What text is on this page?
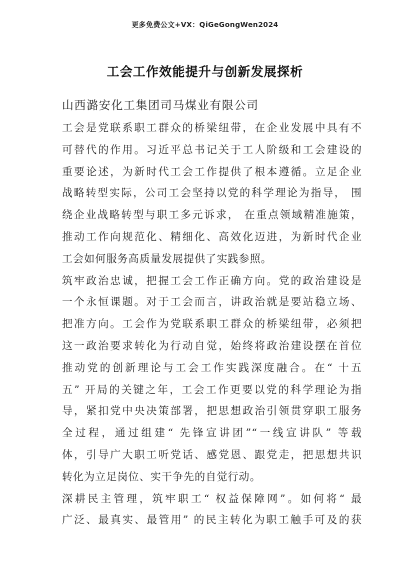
更多免费公文+VX：QiGeGongWen2024
工会工作效能提升与创新发展探析
山西潞安化工集团司马煤业有限公司
工会是党联系职工群众的桥梁纽带，在企业发展中具有不
可替代的作用。习近平总书记关于工人阶级和工会建设的
重要论述，为新时代工会工作提供了根本遵循。立足企业
战略转型实际，公司工会坚持以党的科学理论为指导， 围
绕企业战略转型与职工多元诉求， 在重点领域精准施策，
推动工作向规范化、精细化、高效化迈进，为新时代企业
工会如何服务高质量发展提供了实践参照。
筑牢政治忠诚，把握工会工作正确方向。党的政治建设是
一个永恒课题。对于工会而言，讲政治就是要站稳立场、
把准方向。工会作为党联系职工群众的桥梁纽带，必须把
这一政治要求转化为行动自觉，始终将政治建设摆在首位
推动党的创新理论与工会工作实践深度融合。在“ 十五
五” 开局的关键之年，工会工作更要以党的科学理论为指
导，紧扣党中央决策部署，把思想政治引领贯穿职工服务
全过程，通过组建“ 先锋宣讲团”“一线宣讲队” 等载
体，引导广大职工听党话、感党恩、跟党走，把思想共识
转化为立足岗位、实干争先的自觉行动。
深耕民主管理，筑牢职工“ 权益保障网”。如何将“ 最
广泛、最真实、最管用” 的民主转化为职工触手可及的获
